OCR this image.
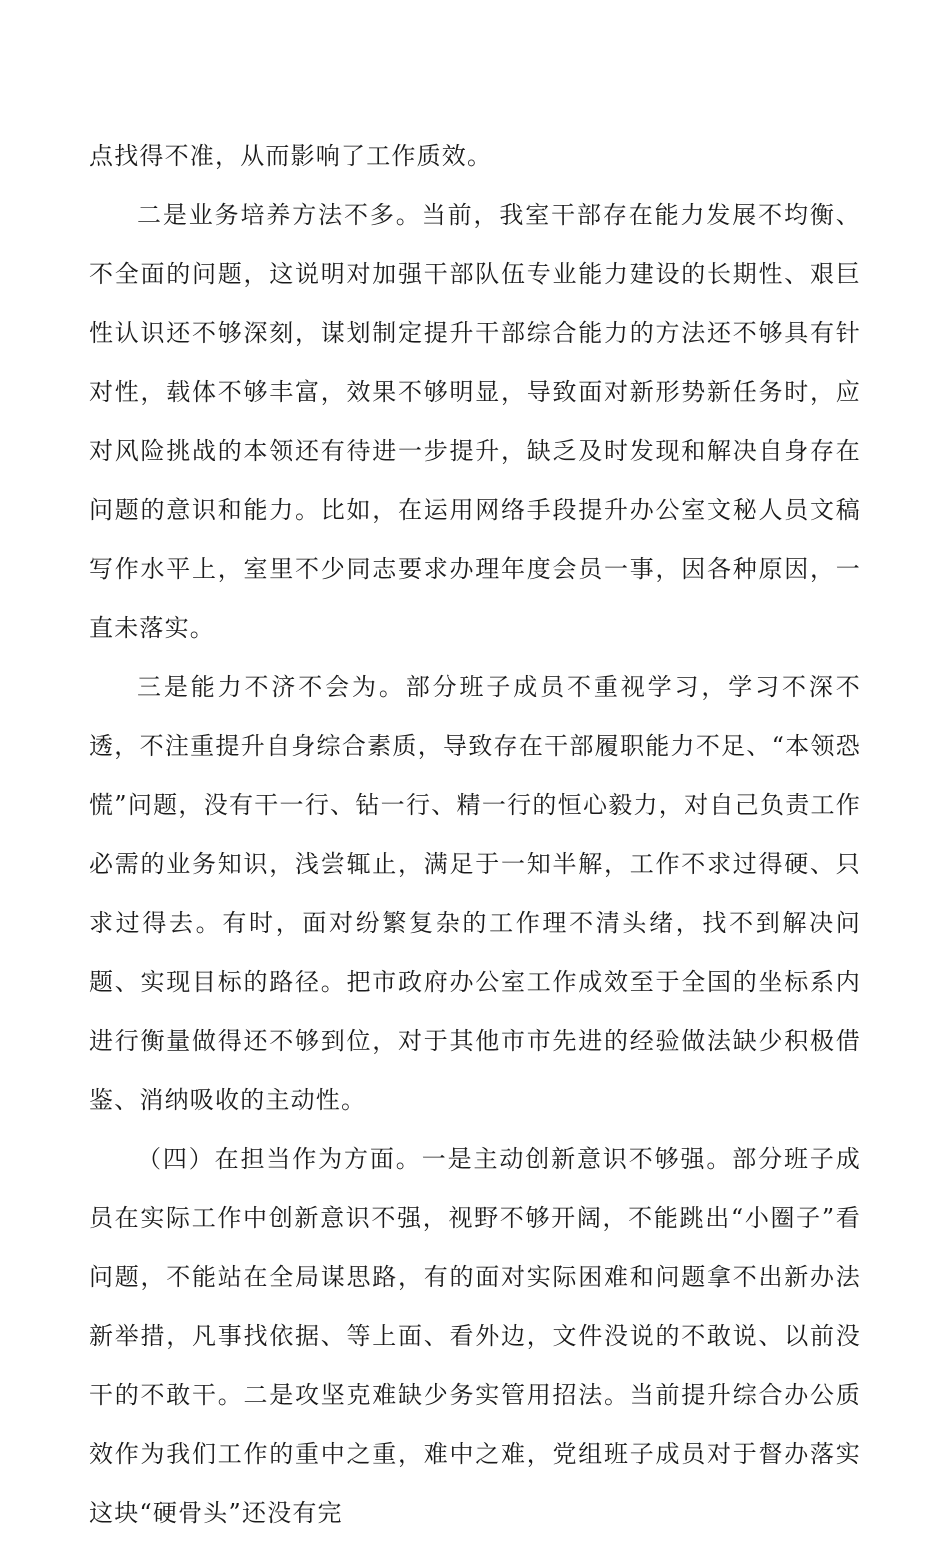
点找得不准，从而影响了工作质效。

二是业务培养方法不多。当前，我室干部存在能力发展不均衡、不全面的问题，这说明对加强干部队伍专业能力建设的长期性、艰巨性认识还不够深刻，谋划制定提升干部综合能力的方法还不够具有针对性，载体不够丰富，效果不够明显，导致面对新形势新任务时，应对风险挑战的本领还有待进一步提升，缺乏及时发现和解决自身存在问题的意识和能力。比如，在运用网络手段提升办公室文秘人员文稿写作水平上，室里不少同志要求办理年度会员一事，因各种原因，一直未落实。

三是能力不济不会为。部分班子成员不重视学习，学习不深不透，不注重提升自身综合素质，导致存在干部履职能力不足、“本领恐慌”问题，没有干一行、钻一行、精一行的恒心毅力，对自己负责工作必需的业务知识，浅尝辄止，满足于一知半解，工作不求过得硬、只求过得去。有时，面对纷繁复杂的工作理不清头绪，找不到解决问题、实现目标的路径。把市政府办公室工作成效至于全国的坐标系内进行衡量做得还不够到位，对于其他市市先进的经验做法缺少积极借鉴、消纳吸收的主动性。

（四）在担当作为方面。一是主动创新意识不够强。部分班子成员在实际工作中创新意识不强，视野不够开阔，不能跳出“小圈子”看问题，不能站在全局谋思路，有的面对实际困难和问题拿不出新办法新举措，凡事找依据、等上面、看外边，文件没说的不敢说、以前没干的不敢干。二是攻坚克难缺少务实管用招法。当前提升综合办公质效作为我们工作的重中之重，难中之难，党组班子成员对于督办落实这块“硬骨头”还没有完
